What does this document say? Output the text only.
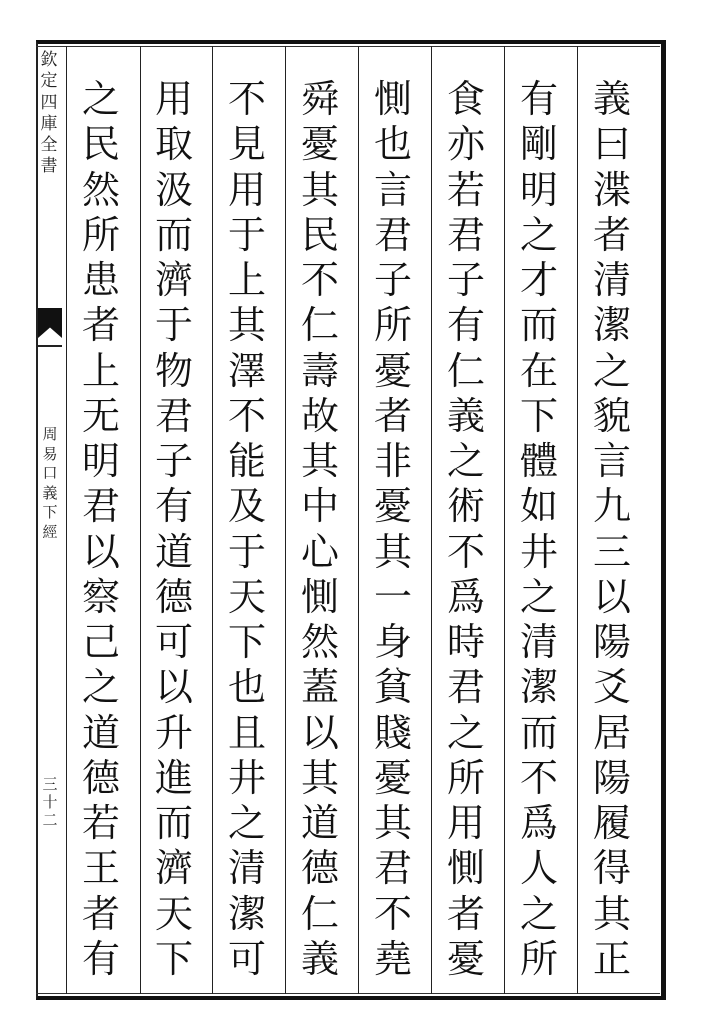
欽
定
四
庫
全
書
周
易
口
義
下
經
三
十
二
義
曰
渫
者
清
潔
之
貌
言
九
三
以
陽
爻
居
陽
履
得
其
正
有
剛
明
之
才
而
在
下
體
如
井
之
清
潔
而
不
爲
人
之
所
食
亦
若
君
子
有
仁
義
之
術
不
爲
時
君
之
所
用
惻
者
憂
惻
也
言
君
子
所
憂
者
非
憂
其
一
身
貧
賤
憂
其
君
不
堯
舜
憂
其
民
不
仁
壽
故
其
中
心
惻
然
蓋
以
其
道
德
仁
義
不
見
用
于
上
其
澤
不
能
及
于
天
下
也
且
井
之
清
潔
可
用
取
汲
而
濟
于
物
君
子
有
道
德
可
以
升
進
而
濟
天
下
之
民
然
所
患
者
上
无
明
君
以
察
己
之
道
德
若
王
者
有
